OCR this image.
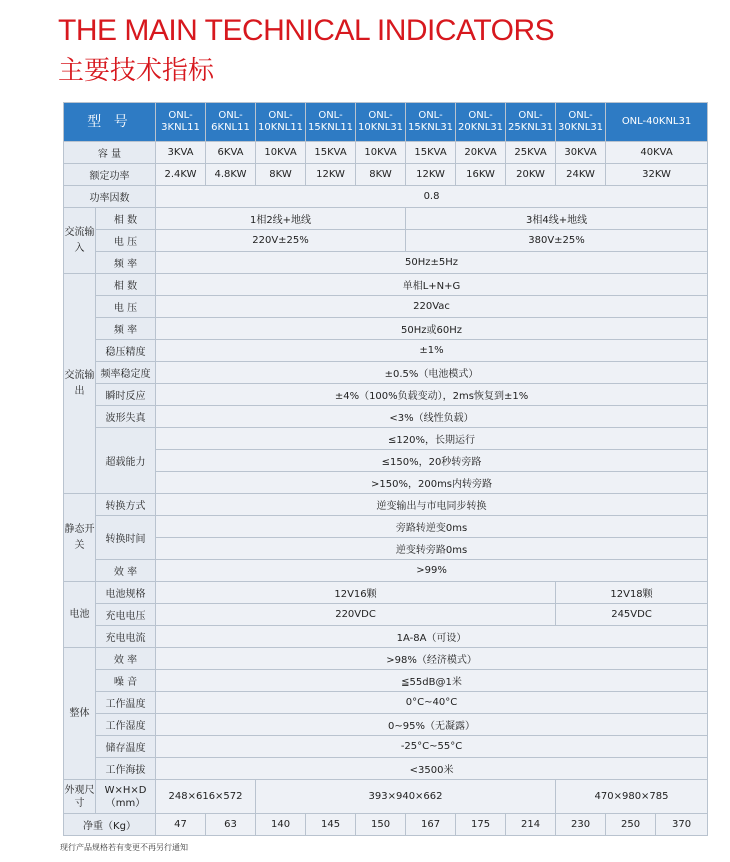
THE MAIN TECHNICAL INDICATORS
主要技术指标
型 号		ONL-3KNL11	ONL-6KNL11	ONL-10KNL11	ONL-15KNL11	ONL-10KNL31	ONL-15KNL31	ONL-20KNL31	ONL-25KNL31	ONL-30KNL31	ONL-40KNL31	
容 量		3KVA	6KVA	10KVA	15KVA	10KVA	15KVA	20KVA	25KVA	30KVA	40KVA	
额定功率		2.4KW	4.8KW	8KW	12KW	8KW	12KW	16KW	20KW	24KW	32KW	
功率因数		0.8										
交流输入	相 数	1相2线+地线					3相4线+地线					
	电 压	220V±25%					380V±25%					
	频 率	50Hz±5Hz										
交流输出	相 数	单相L+N+G										
	电 压	220Vac										
	频 率	50Hz或60Hz										
	稳压精度	±1%										
	频率稳定度	±0.5%（电池模式）										
	瞬时反应	±4%（100%负载变动），2ms恢复到±1%										
	波形失真	<3%（线性负载）										
	超载能力	≤120%，长期运行										
		≤150%，20秒转旁路										
		>150%，200ms内转旁路										
静态开关	转换方式	逆变输出与市电同步转换										
	转换时间	旁路转逆变0ms										
		逆变转旁路0ms										
	效 率	>99%										
电池	电池规格	12V16颗								12V18颗		
	充电电压	220VDC								245VDC		
	充电电流	1A-8A（可设）										
整体	效 率	>98%（经济模式）										
	噪 音	≦55dB@1米										
	工作温度	0°C~40°C										
	工作湿度	0~95%（无凝露）										
	储存温度	-25°C~55°C										
	工作海拔	<3500米										
外观尺寸	W×H×D（mm）	248×616×572		393×940×662						470×980×785		
净重（Kg）		47	63	140	145	150	167	175	214	230	250	370
现行产品规格若有变更不再另行通知
